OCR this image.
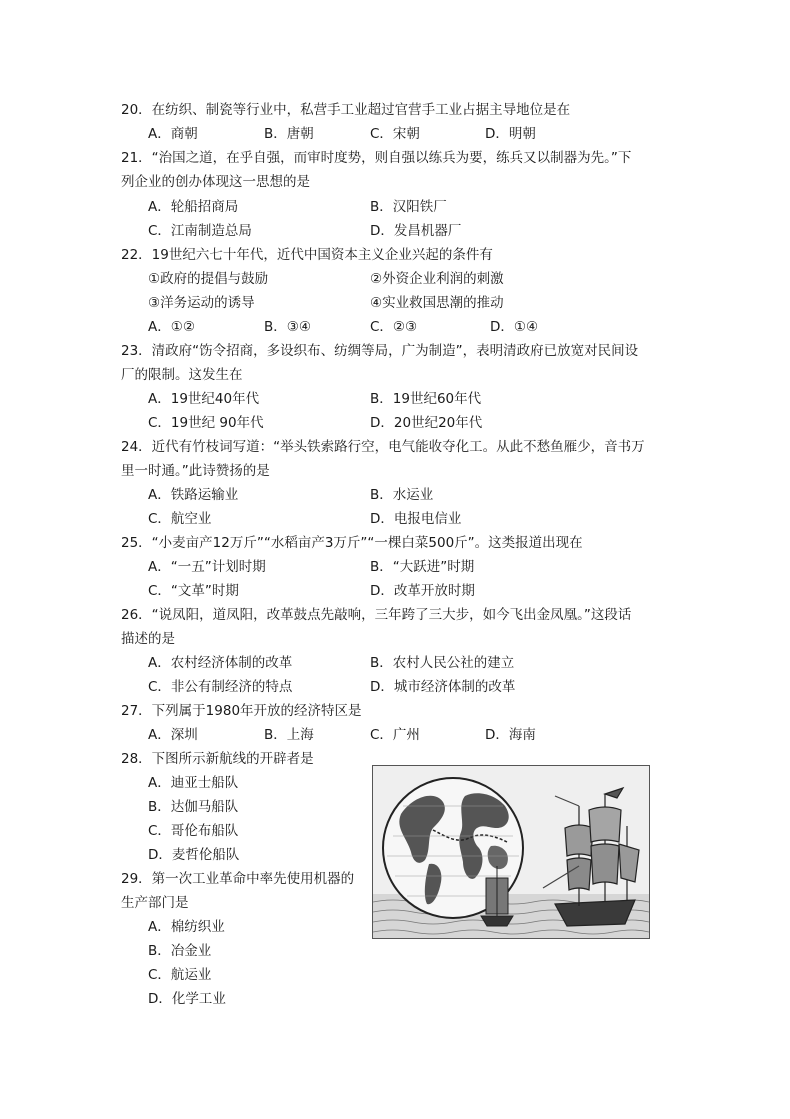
20．在纺织、制瓷等行业中，私营手工业超过官营手工业占据主导地位是在
A．商朝	B．唐朝	C．宋朝	D．明朝
21．“治国之道，在乎自强，而审时度势，则自强以练兵为要，练兵又以制器为先。”下
列企业的创办体现这一思想的是
A．轮船招商局	B．汉阳铁厂
C．江南制造总局	D．发昌机器厂
22．19世纪六七十年代，近代中国资本主义企业兴起的条件有
①政府的提倡与鼓励	②外资企业利润的刺激
③洋务运动的诱导	④实业救国思潮的推动
A．①②	B．③④	C．②③	D．①④
23．清政府“饬令招商，多设织布、纺绸等局，广为制造”，表明清政府已放宽对民间设
厂的限制。这发生在
A．19世纪40年代	B．19世纪60年代
C．19世纪 90年代	D．20世纪20年代
24．近代有竹枝词写道：“举头铁索路行空，电气能收夺化工。从此不愁鱼雁少，音书万
里一时通。”此诗赞扬的是
A．铁路运输业	B．水运业
C．航空业	D．电报电信业
25．“小麦亩产12万斤”“水稻亩产3万斤”“一棵白菜500斤”。这类报道出现在
A．“一五”计划时期	B．“大跃进”时期
C．“文革”时期	D．改革开放时期
26．“说凤阳，道凤阳，改革鼓点先敲响，三年跨了三大步，如今飞出金凤凰。”这段话
描述的是
A．农村经济体制的改革	B．农村人民公社的建立
C．非公有制经济的特点	D．城市经济体制的改革
27．下列属于1980年开放的经济特区是
A．深圳	B．上海	C．广州	D．海南
28．下图所示新航线的开辟者是
A．迪亚士船队
B．达伽马船队
C．哥伦布船队
D．麦哲伦船队
29．第一次工业革命中率先使用机器的
生产部门是
A．棉纺织业
B．冶金业
C．航运业
D．化学工业
